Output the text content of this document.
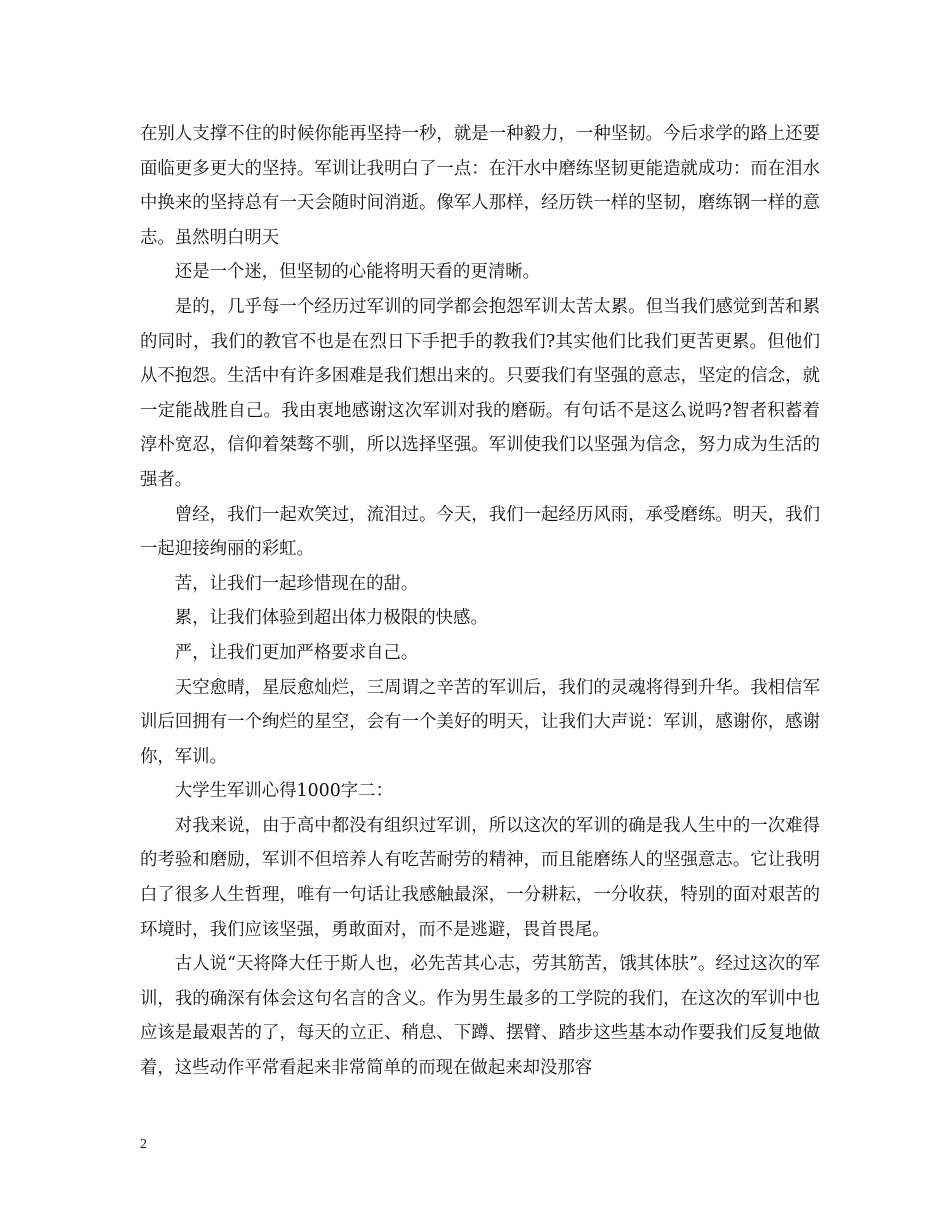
在别人支撑不住的时候你能再坚持一秒，就是一种毅力，一种坚韧。今后求学的路上还要面临更多更大的坚持。军训让我明白了一点：在汗水中磨练坚韧更能造就成功：而在泪水中换来的坚持总有一天会随时间消逝。像军人那样，经历铁一样的坚韧，磨练钢一样的意志。虽然明白明天

还是一个迷，但坚韧的心能将明天看的更清晰。

是的，几乎每一个经历过军训的同学都会抱怨军训太苦太累。但当我们感觉到苦和累的同时，我们的教官不也是在烈日下手把手的教我们?其实他们比我们更苦更累。但他们从不抱怨。生活中有许多困难是我们想出来的。只要我们有坚强的意志，坚定的信念，就一定能战胜自己。我由衷地感谢这次军训对我的磨砺。有句话不是这么说吗?智者积蓄着淳朴宽忍，信仰着桀骜不驯，所以选择坚强。军训使我们以坚强为信念，努力成为生活的强者。

曾经，我们一起欢笑过，流泪过。今天，我们一起经历风雨，承受磨练。明天，我们一起迎接绚丽的彩虹。

苦，让我们一起珍惜现在的甜。

累，让我们体验到超出体力极限的快感。

严，让我们更加严格要求自己。

天空愈晴，星辰愈灿烂，三周谓之辛苦的军训后，我们的灵魂将得到升华。我相信军训后回拥有一个绚烂的星空，会有一个美好的明天，让我们大声说：军训，感谢你，感谢你，军训。

大学生军训心得1000字二：

对我来说，由于高中都没有组织过军训，所以这次的军训的确是我人生中的一次难得的考验和磨励，军训不但培养人有吃苦耐劳的精神，而且能磨练人的坚强意志。它让我明白了很多人生哲理，唯有一句话让我感触最深，一分耕耘，一分收获，特别的面对艰苦的环境时，我们应该坚强，勇敢面对，而不是逃避，畏首畏尾。

古人说“天将降大任于斯人也，必先苦其心志，劳其筋苦，饿其体肤”。经过这次的军训，我的确深有体会这句名言的含义。作为男生最多的工学院的我们，在这次的军训中也应该是最艰苦的了，每天的立正、稍息、下蹲、摆臂、踏步这些基本动作要我们反复地做着，这些动作平常看起来非常简单的而现在做起来却没那容

2
